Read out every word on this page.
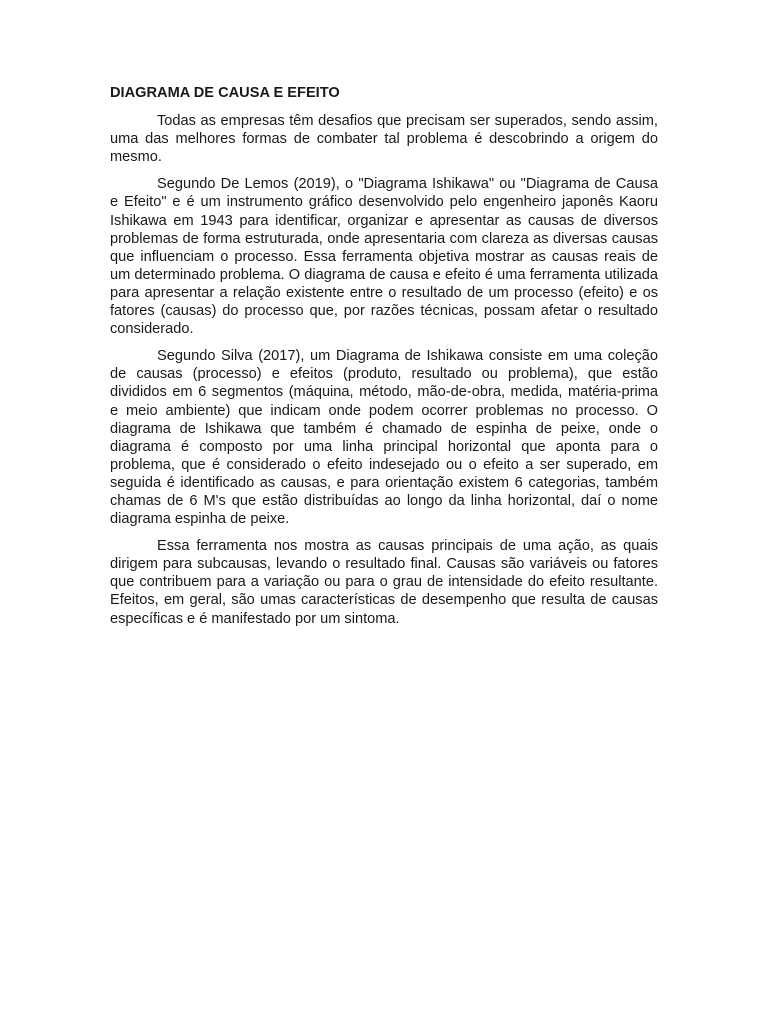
DIAGRAMA DE CAUSA E EFEITO

Todas as empresas têm desafios que precisam ser superados, sendo assim, uma das melhores formas de combater tal problema é descobrindo a origem do mesmo.

Segundo De Lemos (2019), o "Diagrama Ishikawa" ou "Diagrama de Causa e Efeito" e é um instrumento gráfico desenvolvido pelo engenheiro japonês Kaoru Ishikawa em 1943 para identificar, organizar e apresentar as causas de diversos problemas de forma estruturada, onde apresentaria com clareza as diversas causas que influenciam o processo. Essa ferramenta objetiva mostrar as causas reais de um determinado problema. O diagrama de causa e efeito é uma ferramenta utilizada para apresentar a relação existente entre o resultado de um processo (efeito) e os fatores (causas) do processo que, por razões técnicas, possam afetar o resultado considerado.

Segundo Silva (2017), um Diagrama de Ishikawa consiste em uma coleção de causas (processo) e efeitos (produto, resultado ou problema), que estão divididos em 6 segmentos (máquina, método, mão-de-obra, medida, matéria-prima e meio ambiente) que indicam onde podem ocorrer problemas no processo. O diagrama de Ishikawa que também é chamado de espinha de peixe, onde o diagrama é composto por uma linha principal horizontal que aponta para o problema, que é considerado o efeito indesejado ou o efeito a ser superado, em seguida é identificado as causas, e para orientação existem 6 categorias, também chamas de 6 M's que estão distribuídas ao longo da linha horizontal, daí o nome diagrama espinha de peixe.

Essa ferramenta nos mostra as causas principais de uma ação, as quais dirigem para subcausas, levando o resultado final. Causas são variáveis ou fatores que contribuem para a variação ou para o grau de intensidade do efeito resultante. Efeitos, em geral, são umas características de desempenho que resulta de causas específicas e é manifestado por um sintoma.
